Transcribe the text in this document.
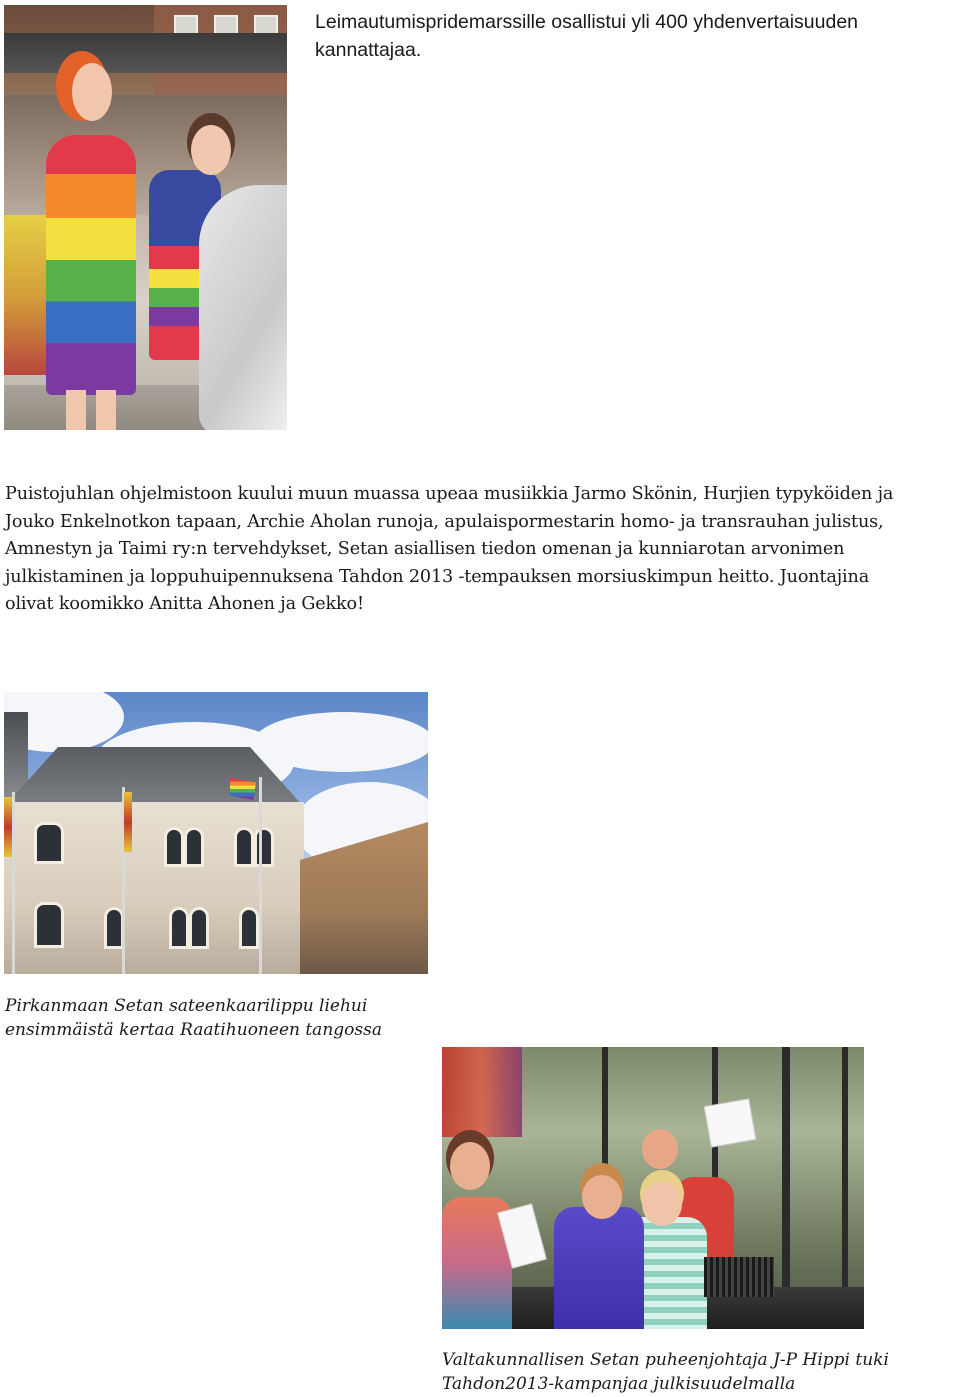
Leimautumispridemarssille osallistui yli 400 yhdenvertaisuuden kannattajaa.
Puistojuhlan ohjelmistoon kuului muun muassa upeaa musiikkia Jarmo Skönin, Hurjien typyköiden ja
Jouko Enkelnotkon tapaan, Archie Aholan runoja, apulaispormestarin homo- ja transrauhan julistus,
Amnestyn ja Taimi ry:n tervehdykset, Setan asiallisen tiedon omenan ja kunniarotan arvonimen
julkistaminen ja loppuhuipennuksena Tahdon 2013 -tempauksen morsiuskimpun heitto. Juontajina
olivat koomikko Anitta Ahonen ja Gekko!
Pirkanmaan Setan sateenkaarilippu liehui
ensimmäistä kertaa Raatihuoneen tangossa
Valtakunnallisen Setan puheenjohtaja J-P Hippi tuki
Tahdon2013-kampanjaa julkisuudelmalla
